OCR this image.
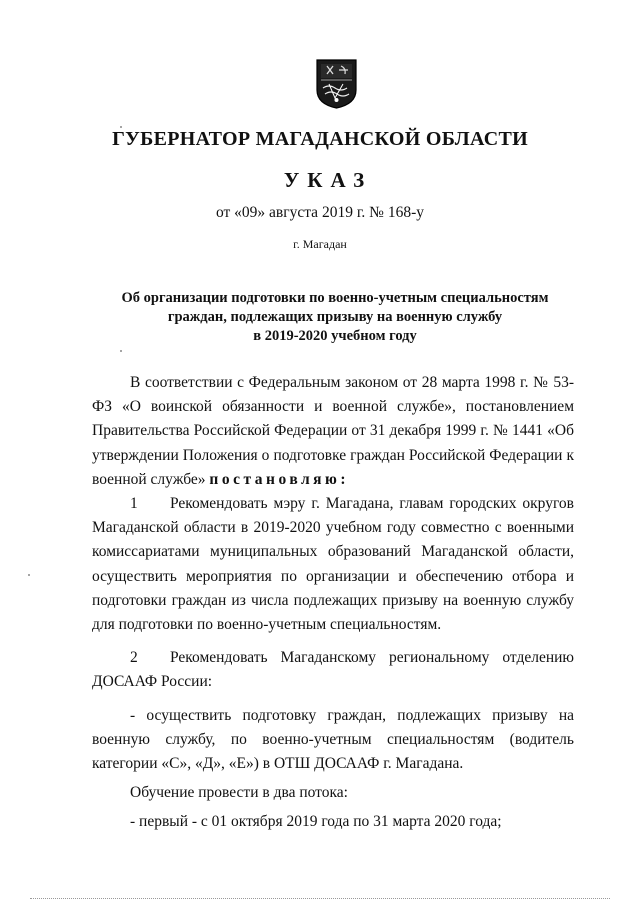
ГУБЕРНАТОР МАГАДАНСКОЙ ОБЛАСТИ
УКАЗ
от «09» августа 2019 г. № 168-у
г. Магадан
Об организации подготовки по военно-учетным специальностям
граждан, подлежащих призыву на военную службу
в 2019-2020 учебном году

В соответствии с Федеральным законом от 28 марта 1998 г. № 53-ФЗ «О воинской обязанности и военной службе», постановлением Правительства Российской Федерации от 31 декабря 1999 г. № 1441 «Об утверждении Положения о подготовке граждан Российской Федерации к военной службе» постановляю:

1 Рекомендовать мэру г. Магадана, главам городских округов Магаданской области в 2019-2020 учебном году совместно с военными комиссариатами муниципальных образований Магаданской области, осуществить мероприятия по организации и обеспечению отбора и подготовки граждан из числа подлежащих призыву на военную службу для подготовки по военно-учетным специальностям.

2 Рекомендовать Магаданскому региональному отделению ДОСААФ России:

- осуществить подготовку граждан, подлежащих призыву на военную службу, по военно-учетным специальностям (водитель категории «С», «Д», «Е») в ОТШ ДОСААФ г. Магадана.

Обучение провести в два потока:

- первый - с 01 октября 2019 года по 31 марта 2020 года;
